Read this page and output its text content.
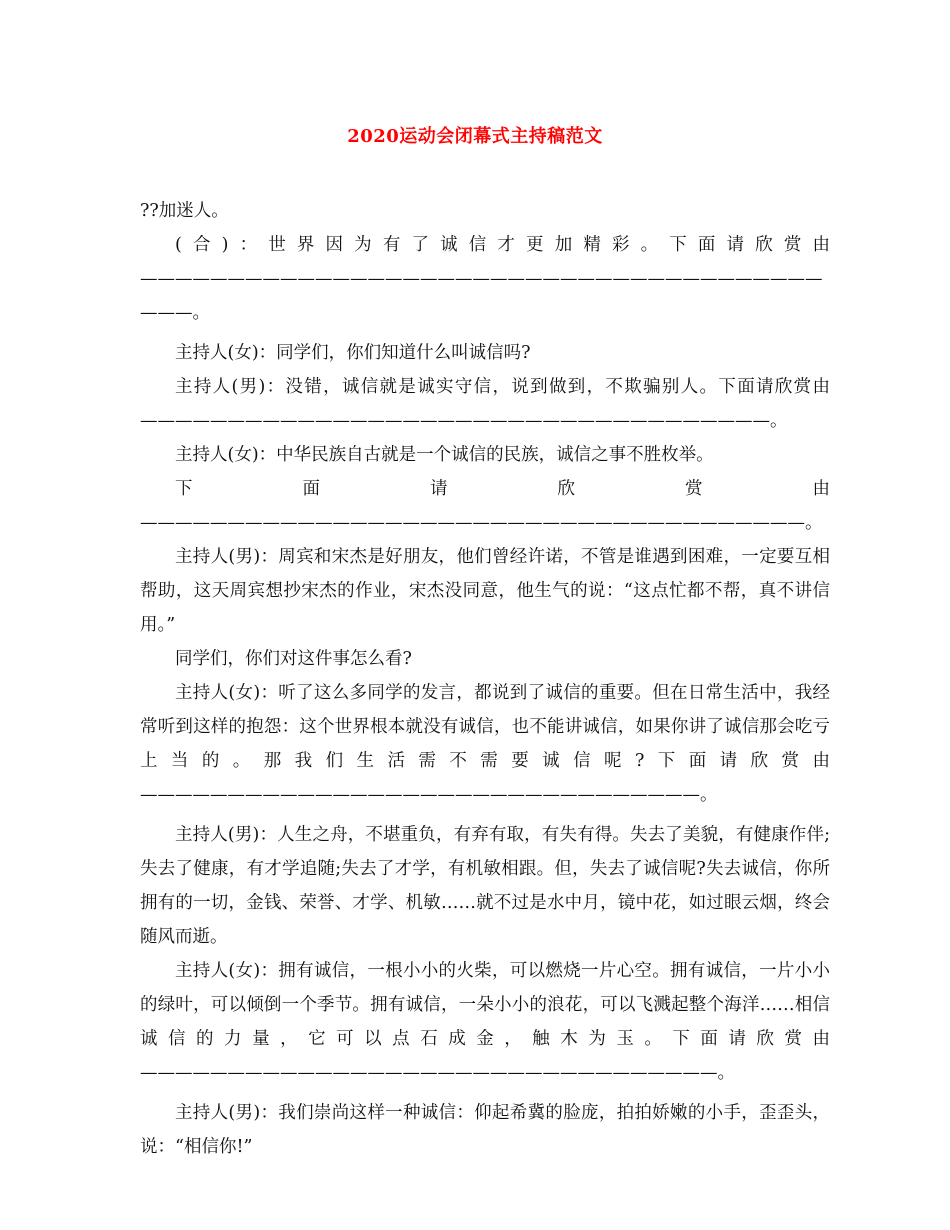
2020运动会闭幕式主持稿范文

??加迷人。

(合)：世界因为有了诚信才更加精彩。下面请欣赏由——————————————————————————————————————————。

主持人(女)：同学们，你们知道什么叫诚信吗?

主持人(男)：没错，诚信就是诚实守信，说到做到，不欺骗别人。下面请欣赏由————————————————————————————————————。

主持人(女)：中华民族自古就是一个诚信的民族，诚信之事不胜枚举。

下面请欣赏由——————————————————————————————————————。

主持人(男)：周宾和宋杰是好朋友，他们曾经许诺，不管是谁遇到困难，一定要互相帮助，这天周宾想抄宋杰的作业，宋杰没同意，他生气的说：“这点忙都不帮，真不讲信用。”

同学们，你们对这件事怎么看?

主持人(女)：听了这么多同学的发言，都说到了诚信的重要。但在日常生活中，我经常听到这样的抱怨：这个世界根本就没有诚信，也不能讲诚信，如果你讲了诚信那会吃亏上当的。那我们生活需不需要诚信呢?下面请欣赏由————————————————————————————————。

主持人(男)：人生之舟，不堪重负，有弃有取，有失有得。失去了美貌，有健康作伴;失去了健康，有才学追随;失去了才学，有机敏相跟。但，失去了诚信呢?失去诚信，你所拥有的一切，金钱、荣誉、才学、机敏……就不过是水中月，镜中花，如过眼云烟，终会随风而逝。

主持人(女)：拥有诚信，一根小小的火柴，可以燃烧一片心空。拥有诚信，一片小小的绿叶，可以倾倒一个季节。拥有诚信，一朵小小的浪花，可以飞溅起整个海洋……相信诚信的力量，它可以点石成金，触木为玉。下面请欣赏由—————————————————————————————————。

主持人(男)：我们崇尚这样一种诚信：仰起希冀的脸庞，拍拍娇嫩的小手，歪歪头，说：“相信你!”
